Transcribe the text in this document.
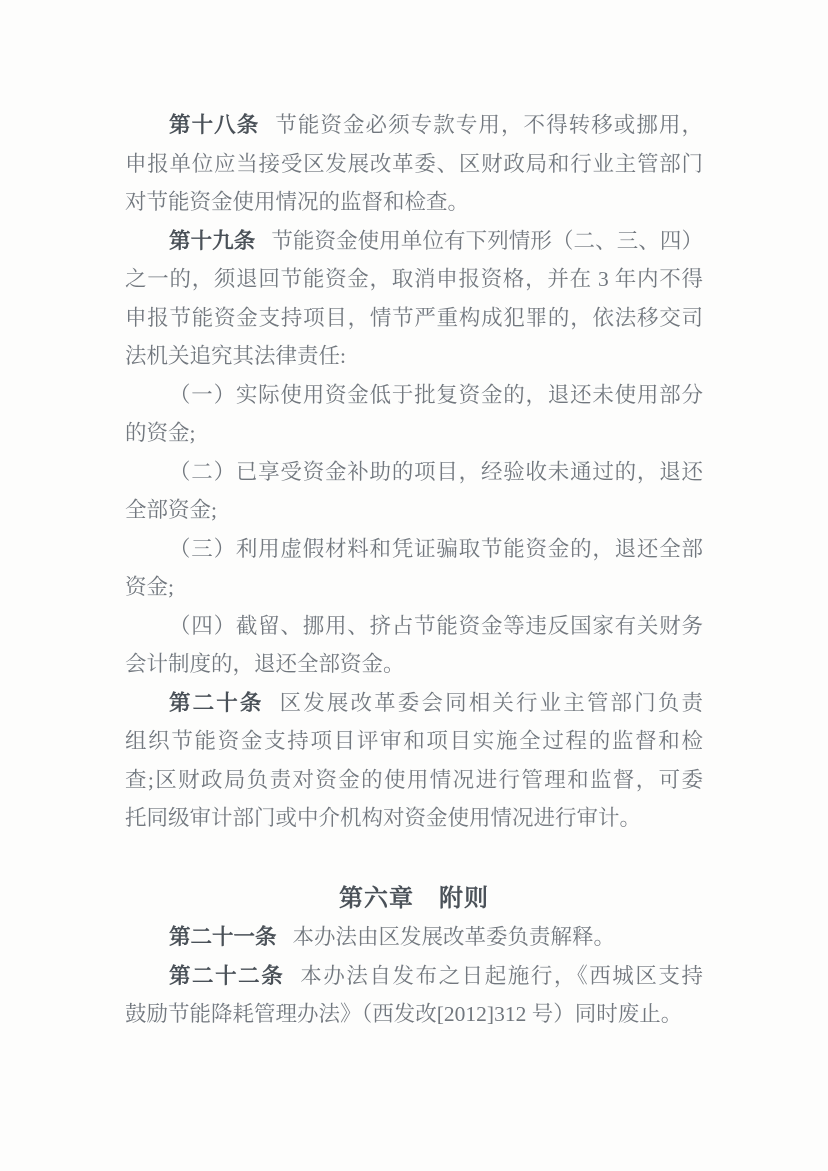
第十八条 节能资金必须专款专用，不得转移或挪用，
申报单位应当接受区发展改革委、区财政局和行业主管部门
对节能资金使用情况的监督和检查。
第十九条 节能资金使用单位有下列情形（二、三、四）
之一的，须退回节能资金，取消申报资格，并在 3 年内不得
申报节能资金支持项目，情节严重构成犯罪的，依法移交司
法机关追究其法律责任:
（一）实际使用资金低于批复资金的，退还未使用部分
的资金;
（二）已享受资金补助的项目，经验收未通过的，退还
全部资金;
（三）利用虚假材料和凭证骗取节能资金的，退还全部
资金;
（四）截留、挪用、挤占节能资金等违反国家有关财务
会计制度的，退还全部资金。
第二十条 区发展改革委会同相关行业主管部门负责
组织节能资金支持项目评审和项目实施全过程的监督和检
查;区财政局负责对资金的使用情况进行管理和监督，可委
托同级审计部门或中介机构对资金使用情况进行审计。
第六章　附则
第二十一条 本办法由区发展改革委负责解释。
第二十二条 本办法自发布之日起施行，《西城区支持
鼓励节能降耗管理办法》（西发改[2012]312 号）同时废止。
